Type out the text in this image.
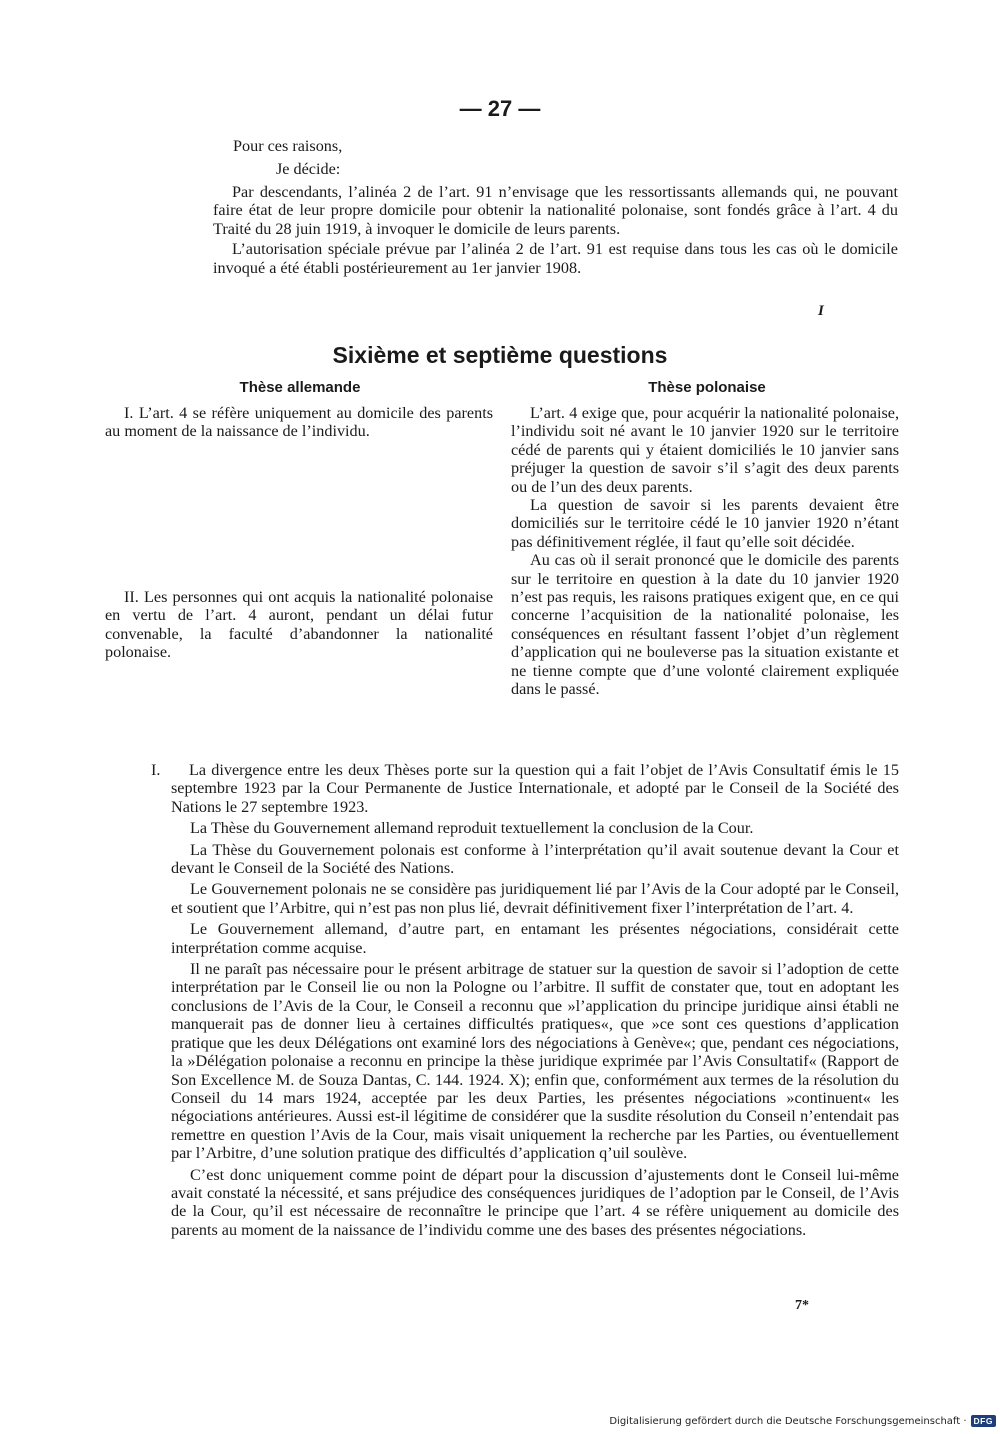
— 27 —
Pour ces raisons,
Je décide:

Par descendants, l’alinéa 2 de l’art. 91 n’envisage que les ressortissants allemands qui, ne pouvant faire état de leur propre domicile pour obtenir la nationalité polonaise, sont fondés grâce à l’art. 4 du Traité du 28 juin 1919, à invoquer le domicile de leurs parents.

L’autorisation spéciale prévue par l’alinéa 2 de l’art. 91 est requise dans tous les cas où le domicile invoqué a été établi postérieurement au 1er janvier 1908.

I
Sixième et septième questions
Thèse allemande	Thèse polonaise

I. L’art. 4 se réfère uniquement au domicile des parents au moment de la naissance de l’individu.

II. Les personnes qui ont acquis la nationalité polonaise en vertu de l’art. 4 auront, pendant un délai futur convenable, la faculté d’abandonner la nationalité polonaise.

L’art. 4 exige que, pour acquérir la nationalité polonaise, l’individu soit né avant le 10 janvier 1920 sur le territoire cédé de parents qui y étaient domiciliés le 10 janvier sans préjuger la question de savoir s’il s’agit des deux parents ou de l’un des deux parents.

La question de savoir si les parents devaient être domiciliés sur le territoire cédé le 10 janvier 1920 n’étant pas définitivement réglée, il faut qu’elle soit décidée.

Au cas où il serait prononcé que le domicile des parents sur le territoire en question à la date du 10 janvier 1920 n’est pas requis, les raisons pratiques exigent que, en ce qui concerne l’acquisition de la nationalité polonaise, les conséquences en résultant fassent l’objet d’un règlement d’application qui ne bouleverse pas la situation existante et ne tienne compte que d’une volonté clairement expliquée dans le passé.

I.	La divergence entre les deux Thèses porte sur la question qui a fait l’objet de l’Avis Consultatif émis le 15 septembre 1923 par la Cour Permanente de Justice Internationale, et adopté par le Conseil de la Société des Nations le 27 septembre 1923.

La Thèse du Gouvernement allemand reproduit textuellement la conclusion de la Cour.

La Thèse du Gouvernement polonais est conforme à l’interprétation qu’il avait soutenue devant la Cour et devant le Conseil de la Société des Nations.

Le Gouvernement polonais ne se considère pas juridiquement lié par l’Avis de la Cour adopté par le Conseil, et soutient que l’Arbitre, qui n’est pas non plus lié, devrait définitivement fixer l’interprétation de l’art. 4.

Le Gouvernement allemand, d’autre part, en entamant les présentes négociations, considérait cette interprétation comme acquise.

Il ne paraît pas nécessaire pour le présent arbitrage de statuer sur la question de savoir si l’adoption de cette interprétation par le Conseil lie ou non la Pologne ou l’arbitre. Il suffit de constater que, tout en adoptant les conclusions de l’Avis de la Cour, le Conseil a reconnu que »l’application du principe juridique ainsi établi ne manquerait pas de donner lieu à certaines difficultés pratiques«, que »ce sont ces questions d’application pratique que les deux Délégations ont examiné lors des négociations à Genève«; que, pendant ces négociations, la »Délégation polonaise a reconnu en principe la thèse juridique exprimée par l’Avis Consultatif« (Rapport de Son Excellence M. de Souza Dantas, C. 144. 1924. X); enfin que, conformément aux termes de la résolution du Conseil du 14 mars 1924, acceptée par les deux Parties, les présentes négociations »continuent« les négociations antérieures. Aussi est-il légitime de considérer que la susdite résolution du Conseil n’entendait pas remettre en question l’Avis de la Cour, mais visait uniquement la recherche par les Parties, ou éventuellement par l’Arbitre, d’une solution pratique des difficultés d’application q’uil soulève.

C’est donc uniquement comme point de départ pour la discussion d’ajustements dont le Conseil lui-même avait constaté la nécessité, et sans préjudice des conséquences juridiques de l’adoption par le Conseil, de l’Avis de la Cour, qu’il est nécessaire de reconnaître le principe que l’art. 4 se réfère uniquement au domicile des parents au moment de la naissance de l’individu comme une des bases des présentes négociations.

7*
Digitalisierung gefördert durch die Deutsche Forschungsgemeinschaft · DFG
